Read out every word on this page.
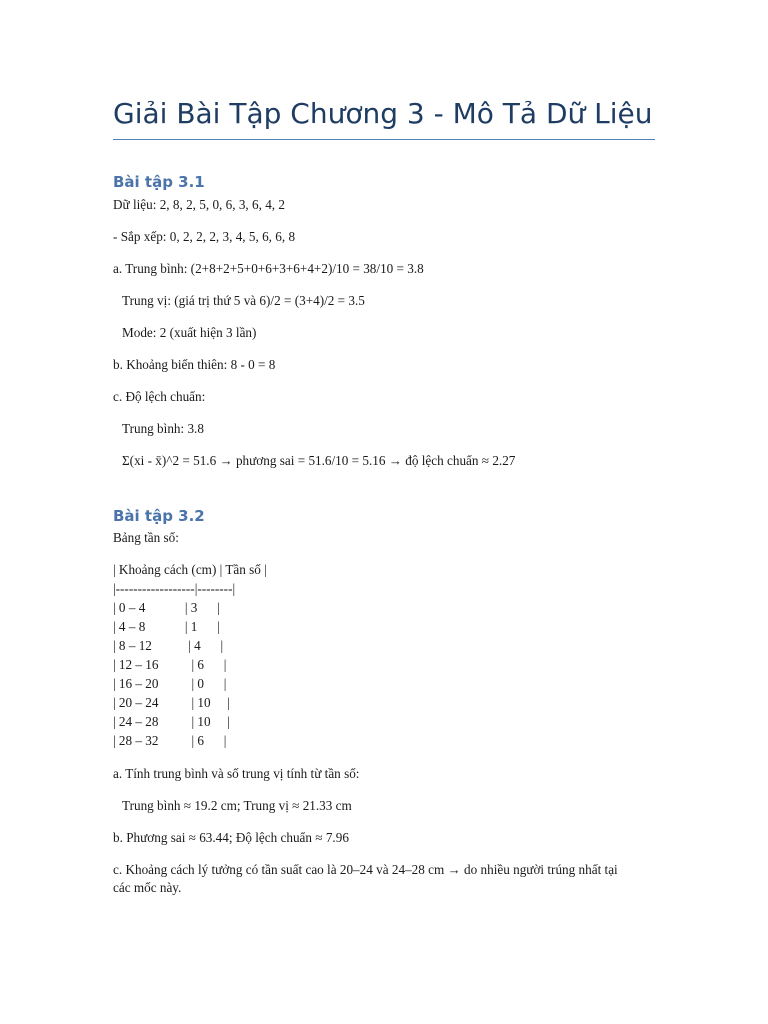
Giải Bài Tập Chương 3 - Mô Tả Dữ Liệu
Bài tập 3.1

Dữ liệu: 2, 8, 2, 5, 0, 6, 3, 6, 4, 2

- Sắp xếp: 0, 2, 2, 2, 3, 4, 5, 6, 6, 8

a. Trung bình: (2+8+2+5+0+6+3+6+4+2)/10 = 38/10 = 3.8

Trung vị: (giá trị thứ 5 và 6)/2 = (3+4)/2 = 3.5

Mode: 2 (xuất hiện 3 lần)

b. Khoảng biến thiên: 8 - 0 = 8

c. Độ lệch chuẩn:

Trung bình: 3.8

Σ(xi - x̄)^2 = 51.6 → phương sai = 51.6/10 = 5.16 → độ lệch chuẩn ≈ 2.27

Bài tập 3.2

Bảng tần số:

| Khoảng cách (cm) | Tần số |

|------------------|--------|

| 0 – 4            | 3      |

| 4 – 8            | 1      |

| 8 – 12           | 4      |

| 12 – 16          | 6      |

| 16 – 20          | 0      |

| 20 – 24          | 10     |

| 24 – 28          | 10     |

| 28 – 32          | 6      |

a. Tính trung bình và số trung vị tính từ tần số:

Trung bình ≈ 19.2 cm; Trung vị ≈ 21.33 cm

b. Phương sai ≈ 63.44; Độ lệch chuẩn ≈ 7.96

c. Khoảng cách lý tưởng có tần suất cao là 20–24 và 24–28 cm → do nhiều người trúng nhất tại các mốc này.
